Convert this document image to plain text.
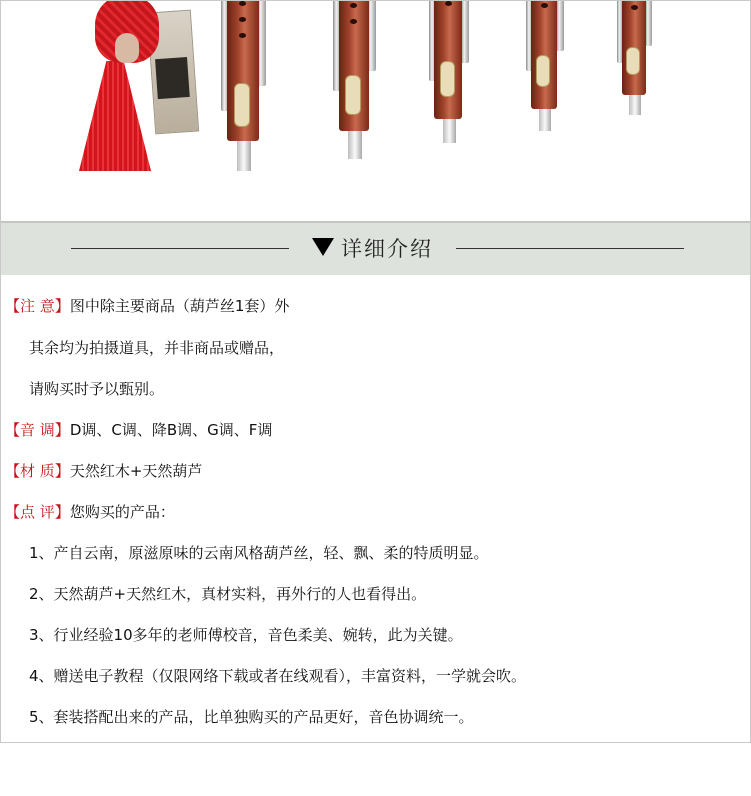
详细介绍
【注 意】图中除主要商品（葫芦丝1套）外
其余均为拍摄道具，并非商品或赠品，
请购买时予以甄别。
【音 调】D调、C调、降B调、G调、F调
【材 质】天然红木+天然葫芦
【点 评】您购买的产品：
1、产自云南，原滋原味的云南风格葫芦丝，轻、飘、柔的特质明显。
2、天然葫芦+天然红木，真材实料，再外行的人也看得出。
3、行业经验10多年的老师傅校音，音色柔美、婉转，此为关键。
4、赠送电子教程（仅限网络下载或者在线观看），丰富资料，一学就会吹。
5、套装搭配出来的产品，比单独购买的产品更好，音色协调统一。
